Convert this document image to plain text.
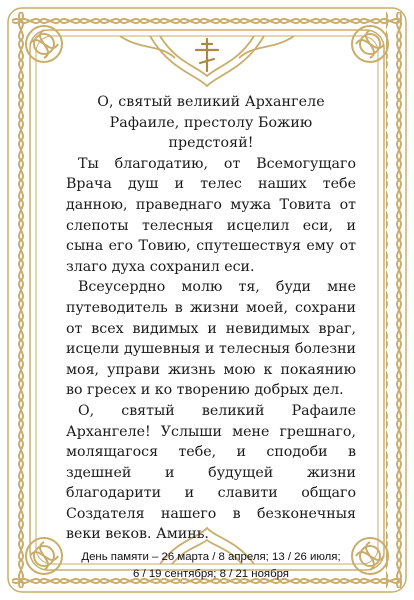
О, святый великий Архангеле Рафаиле, престолу Божию предстояй!

Ты благодатию, от Всемогущаго Врача душ и телес наших тебе данною, праведнаго мужа Товита от слепоты телесныя исцелил еси, и сына его Товию, спутешествуя ему от злаго духа сохранил еси.

Всеусердно молю тя, буди мне путеводитель в жизни моей, сохрани от всех видимых и невидимых враг, исцели душевныя и телесныя болезни моя, управи жизнь мою к покаянию во гресех и ко творению добрых дел.

О, святый великий Рафаиле Архангеле! Услыши мене грешнаго, молящагося тебе, и сподоби в здешней и будущей жизни благодарити и славити общаго Создателя нашего в безконечныя веки веков. Аминь.

День памяти – 26 марта / 8 апреля; 13 / 26 июля;
6 / 19 сентября; 8 / 21 ноября
